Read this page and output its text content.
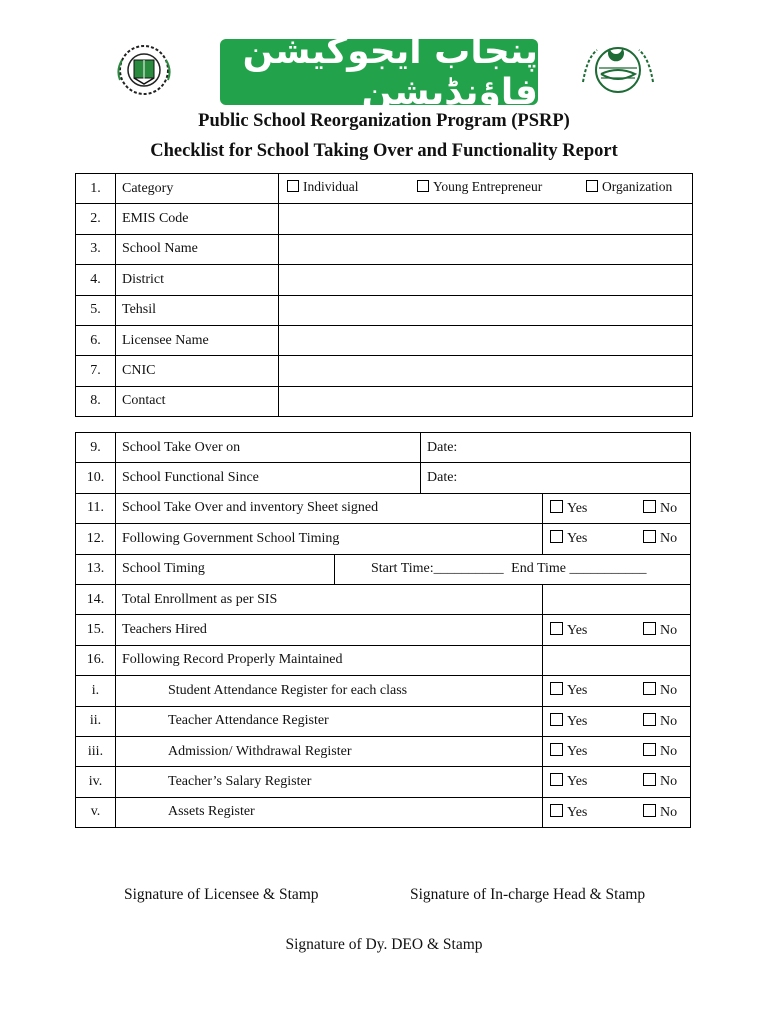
پنجاب ایجوکیشن فاؤنڈیشن
Public School Reorganization Program (PSRP)
Checklist for School Taking Over and Functionality Report
1.	Category	Individual Young Entrepreneur Organization

2.	EMIS Code	
3.	School Name	
4.	District	
5.	Tehsil	
6.	Licensee Name	
7.	CNIC	
8.	Contact	
9.	School Take Over on		Date:	
10.	School Functional Since		Date:	
11.	School Take Over and inventory Sheet signed			Yes No

12.	Following Government School Timing			Yes No

13.	School Timing	Start Time:__________ End Time ___________		
14.	Total Enrollment as per SIS			
15.	Teachers Hired			Yes No

16.	Following Record Properly Maintained			
i.	Student Attendance Register for each class			Yes No

ii.	Teacher Attendance Register			Yes No

iii.	Admission/ Withdrawal Register			Yes No

iv.	Teacher’s Salary Register			Yes No

v.	Assets Register			Yes No
Signature of Licensee & Stamp	Signature of In-charge Head & Stamp
Signature of Dy. DEO & Stamp
